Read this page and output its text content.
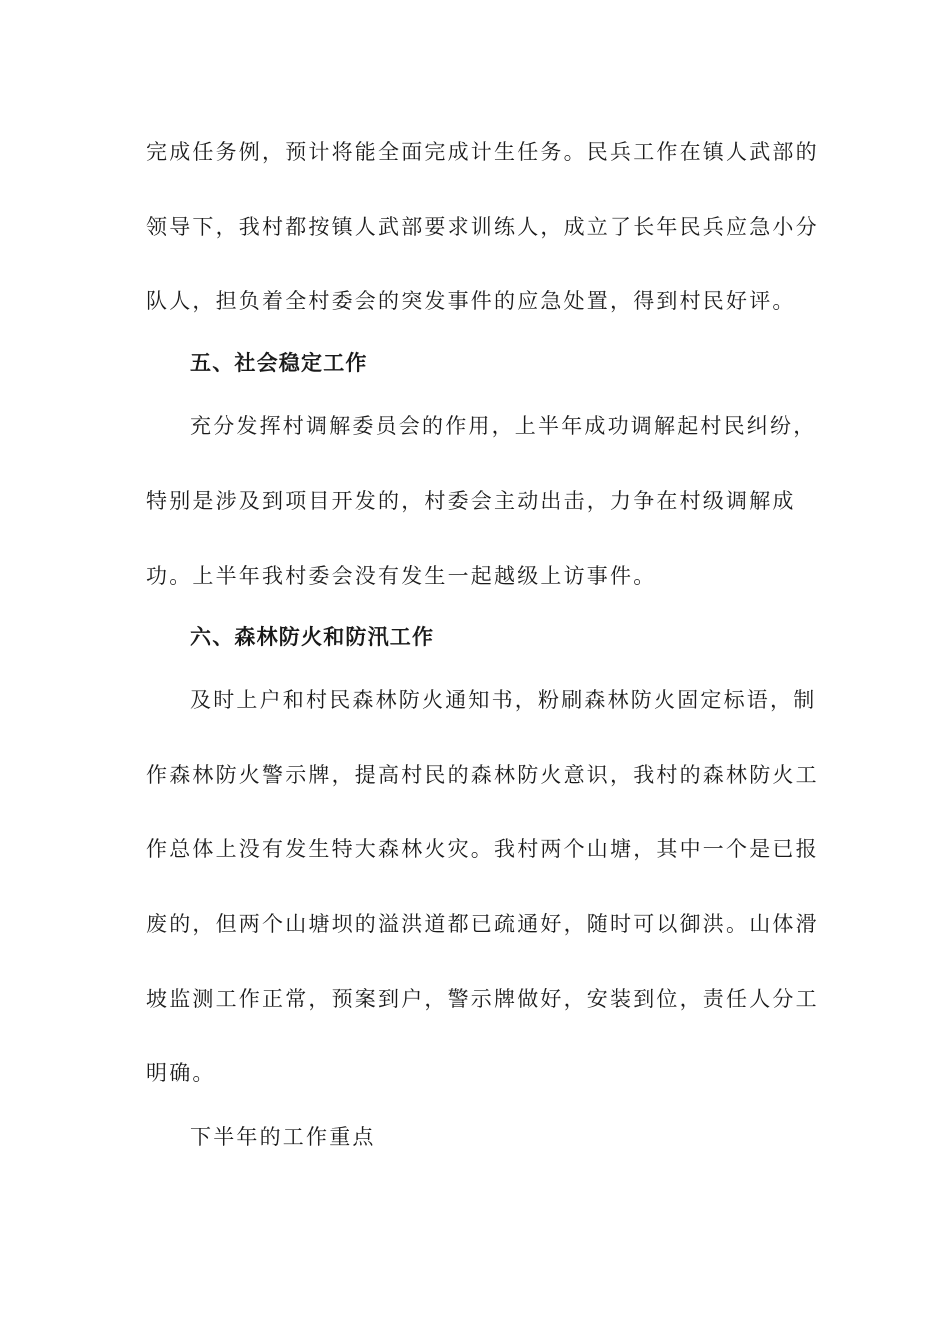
完成任务例，预计将能全面完成计生任务。民兵工作在镇人武部的
领导下，我村都按镇人武部要求训练人，成立了长年民兵应急小分
队人，担负着全村委会的突发事件的应急处置，得到村民好评。
五、社会稳定工作
充分发挥村调解委员会的作用，上半年成功调解起村民纠纷，
特别是涉及到项目开发的，村委会主动出击，力争在村级调解成
功。上半年我村委会没有发生一起越级上访事件。
六、森林防火和防汛工作
及时上户和村民森林防火通知书，粉刷森林防火固定标语，制
作森林防火警示牌，提高村民的森林防火意识，我村的森林防火工
作总体上没有发生特大森林火灾。我村两个山塘，其中一个是已报
废的，但两个山塘坝的溢洪道都已疏通好，随时可以御洪。山体滑
坡监测工作正常，预案到户，警示牌做好，安装到位，责任人分工
明确。
下半年的工作重点
